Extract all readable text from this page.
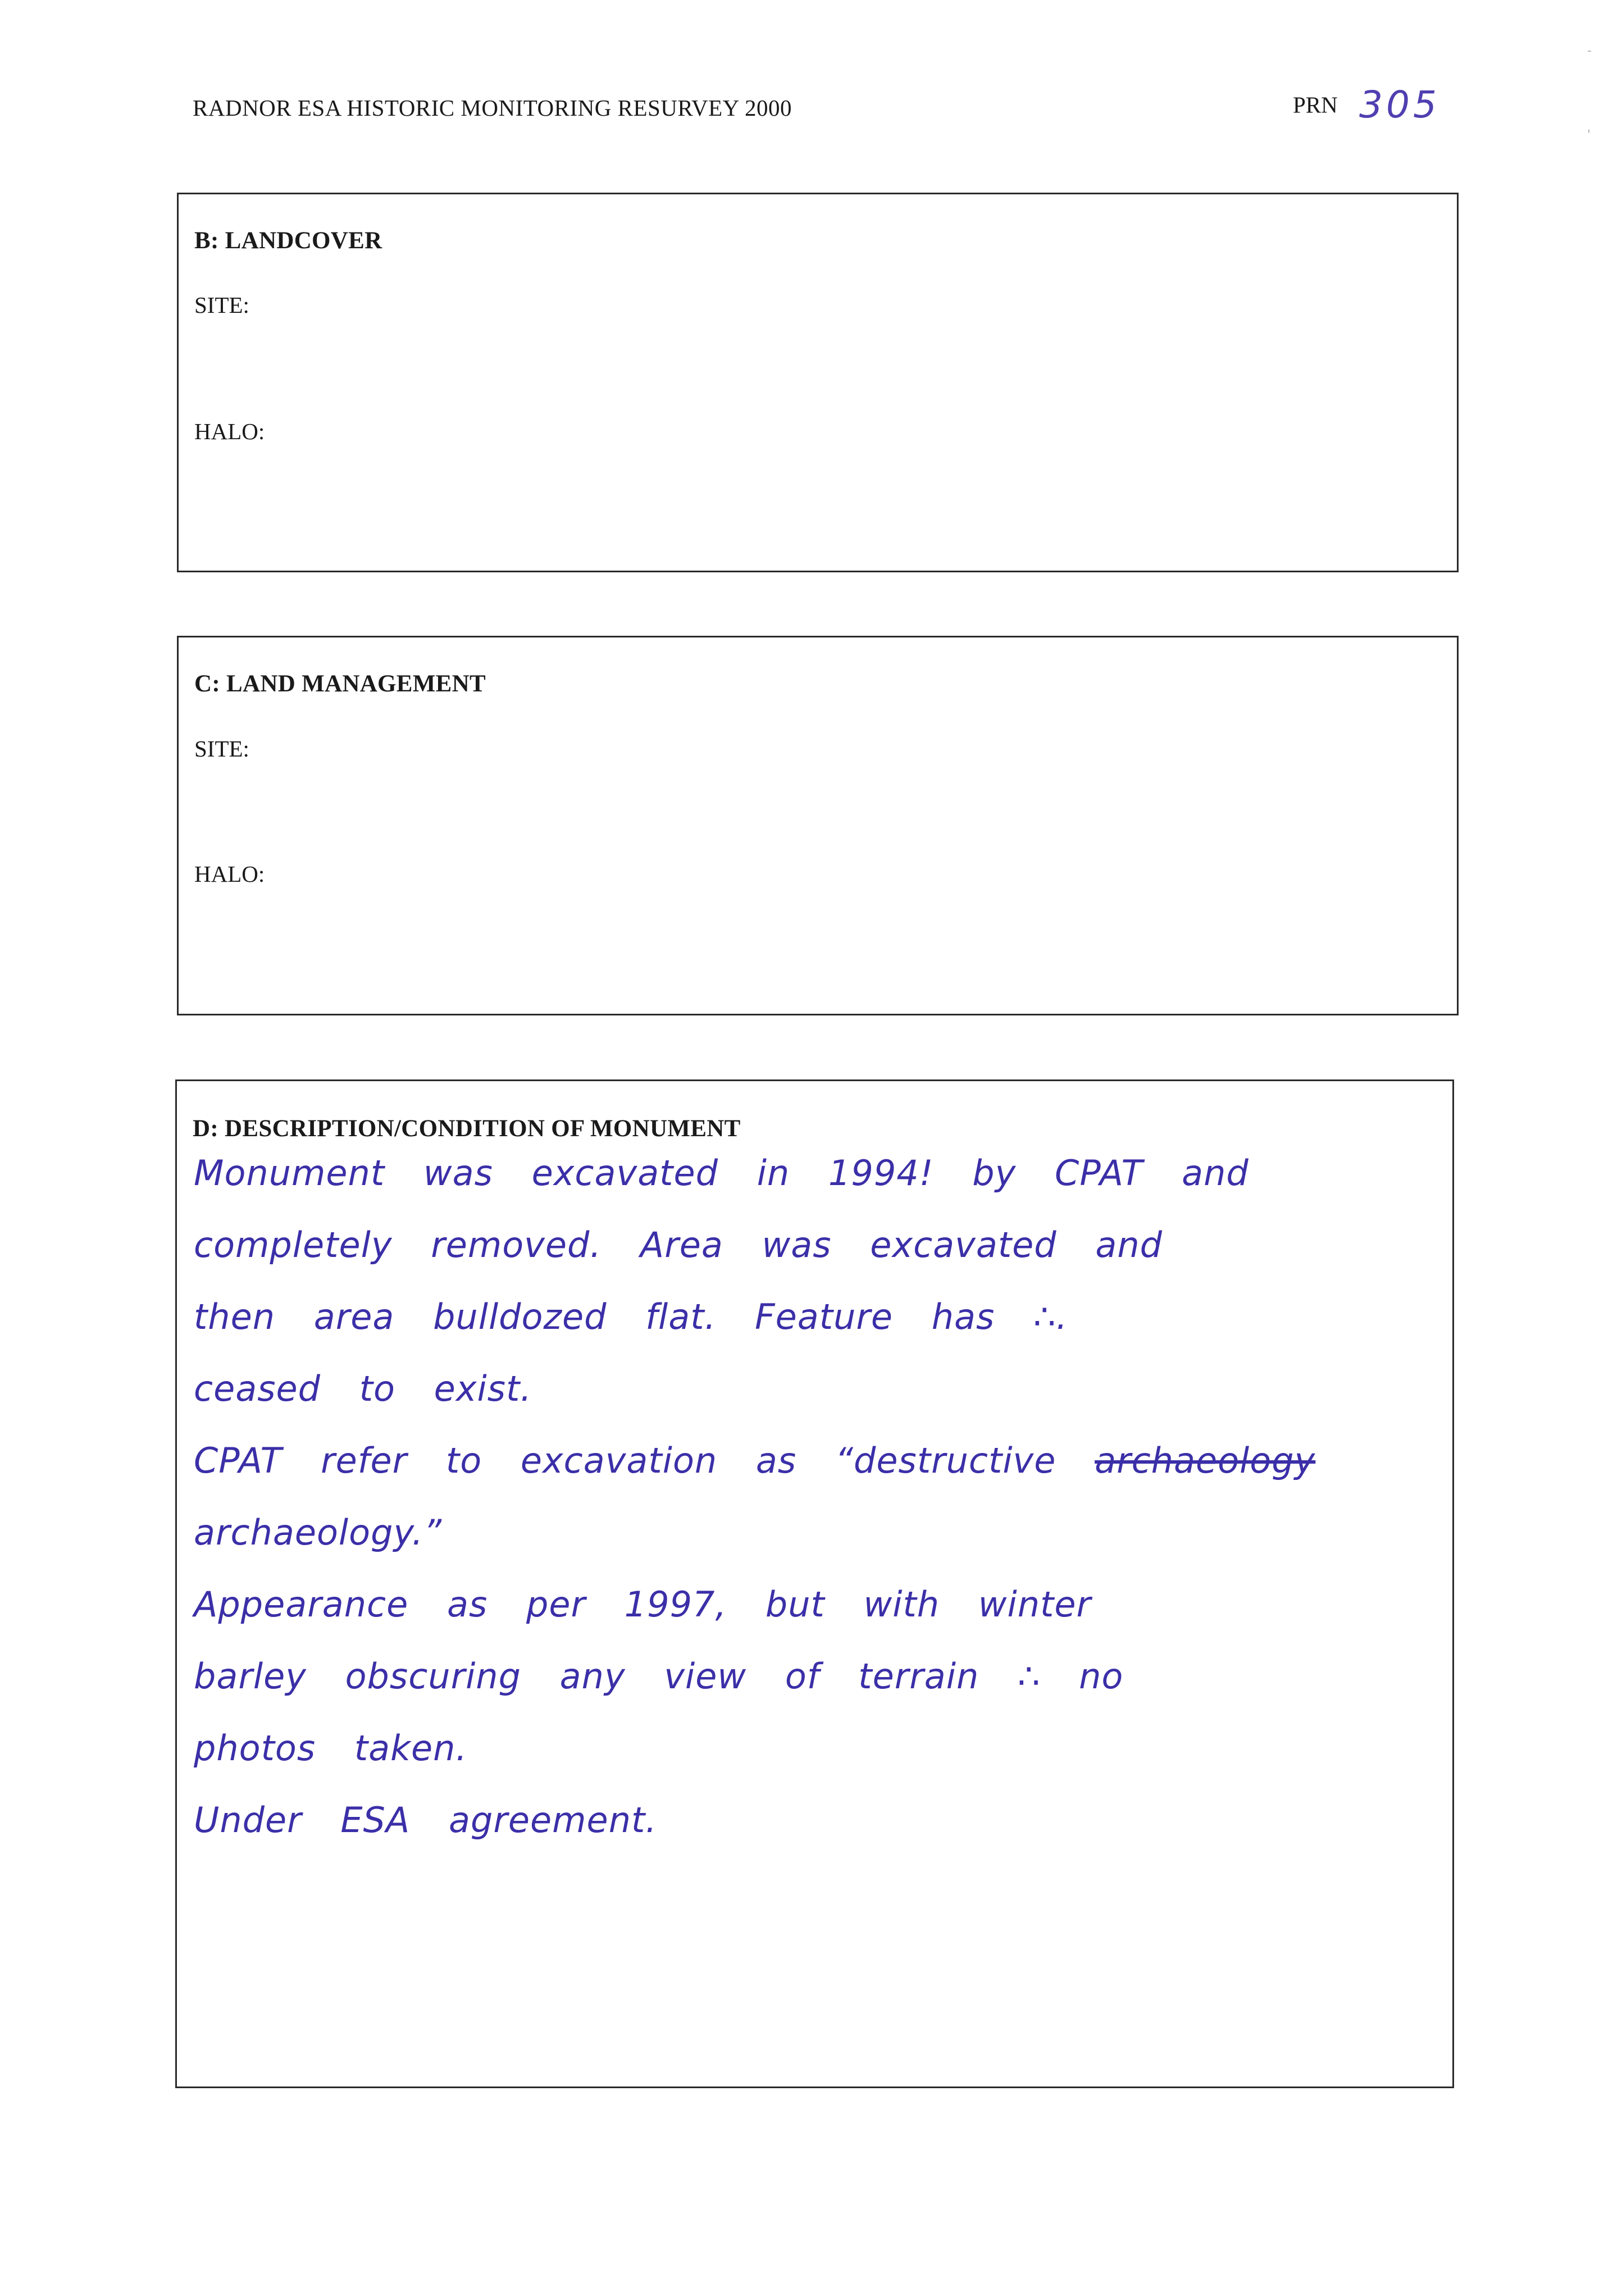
RADNOR ESA HISTORIC MONITORING RESURVEY 2000	PRN 305
B: LANDCOVER
SITE:
HALO:
C: LAND MANAGEMENT
SITE:
HALO:
D: DESCRIPTION/CONDITION OF MONUMENT
Monument was excavated in 1994! by CPAT and
completely removed. Area was excavated and
then area bulldozed flat. Feature has ∴.
ceased to exist.
CPAT refer to excavation as “destructive archaeology
archaeology.”
Appearance as per 1997, but with winter
barley obscuring any view of terrain ∴ no
photos taken.
Under ESA agreement.
-
'
